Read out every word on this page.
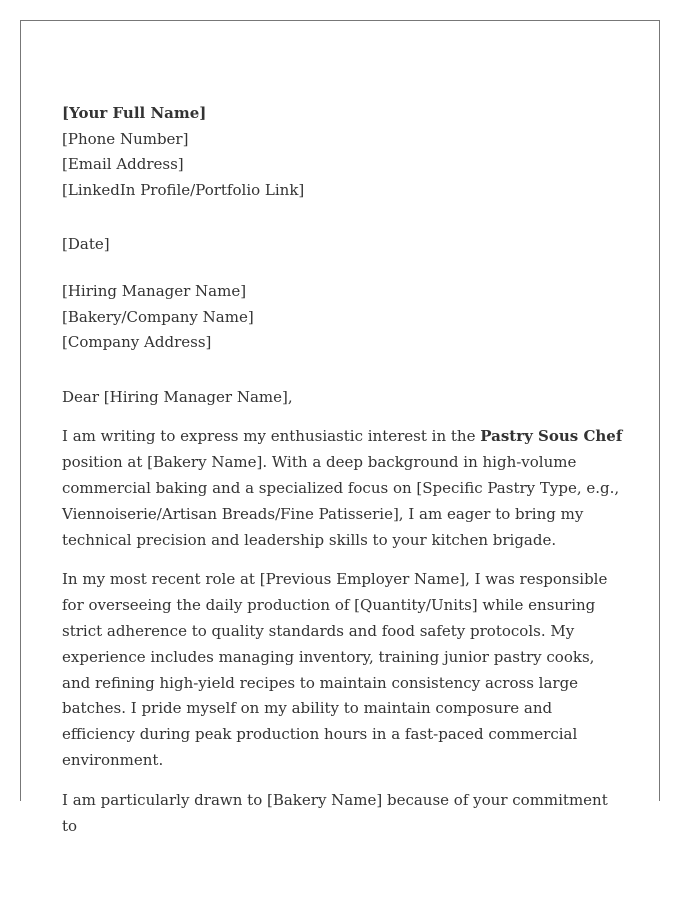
[Your Full Name]
[Phone Number]
[Email Address]
[LinkedIn Profile/Portfolio Link]
[Date]
[Hiring Manager Name]
[Bakery/Company Name]
[Company Address]
Dear [Hiring Manager Name],

I am writing to express my enthusiastic interest in the Pastry Sous Chef position at [Bakery Name]. With a deep background in high-volume commercial baking and a specialized focus on [Specific Pastry Type, e.g., Viennoiserie/Artisan Breads/Fine Patisserie], I am eager to bring my technical precision and leadership skills to your kitchen brigade.

In my most recent role at [Previous Employer Name], I was responsible for overseeing the daily production of [Quantity/Units] while ensuring strict adherence to quality standards and food safety protocols. My experience includes managing inventory, training junior pastry cooks, and refining high-yield recipes to maintain consistency across large batches. I pride myself on my ability to maintain composure and efficiency during peak production hours in a fast-paced commercial environment.

I am particularly drawn to [Bakery Name] because of your commitment to
